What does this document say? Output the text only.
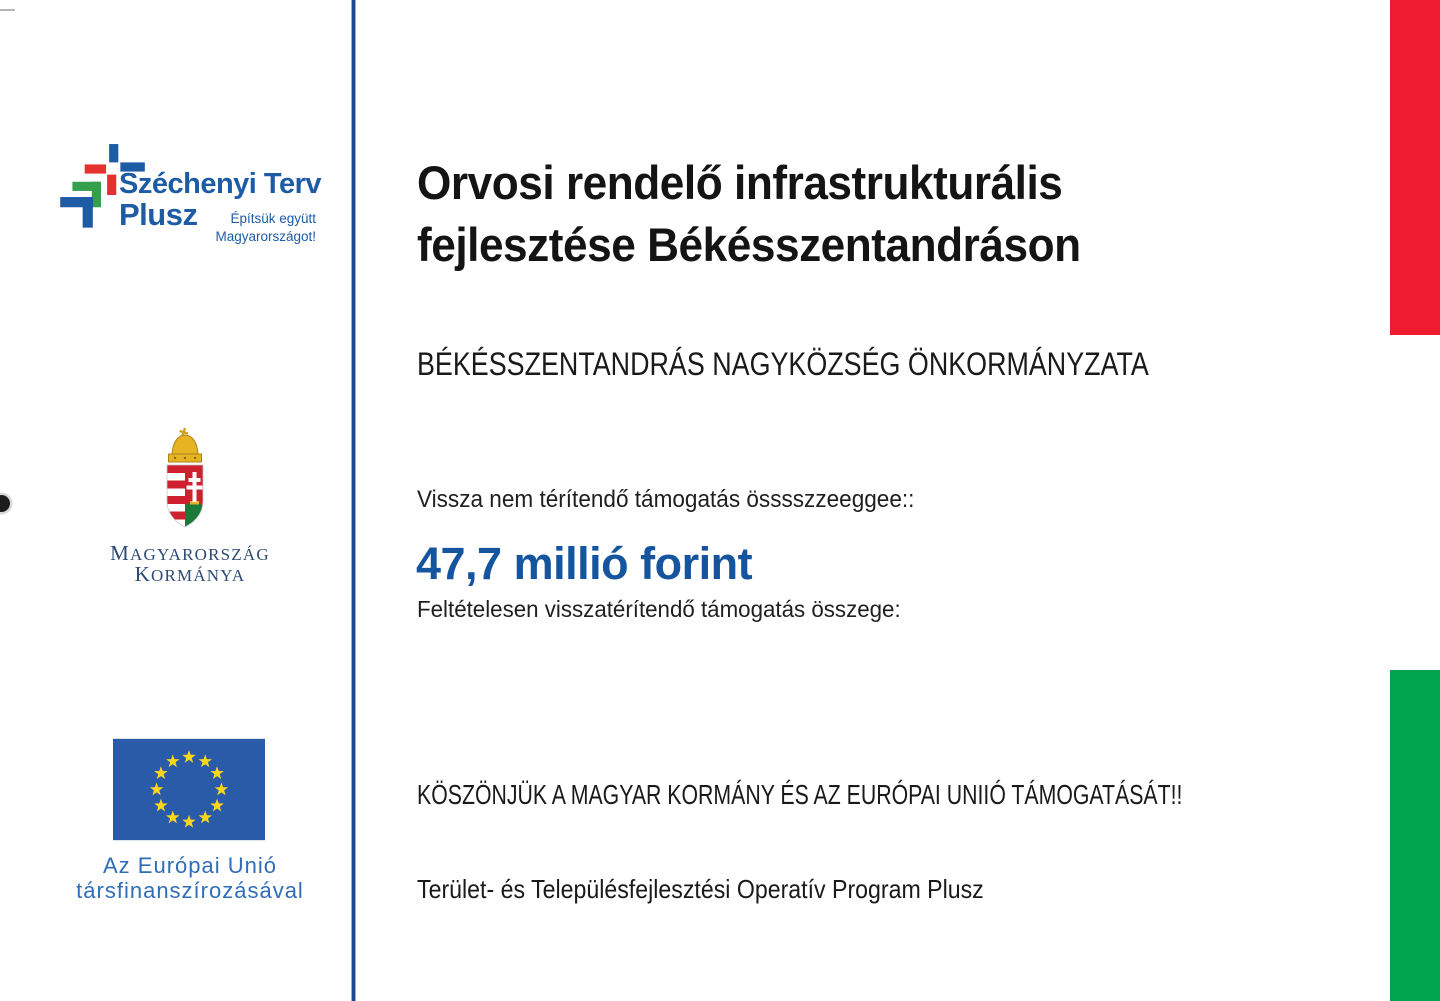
Széchenyi Terv
Plusz	Építsük együtt
Magyarországot!
MAGYARORSZÁG
KORMÁNYA
Az Európai Unió
társfinanszírozásával
Orvosi rendelő infrastrukturális
fejlesztése Békésszentandráson
BÉKÉSSZENTANDRÁS NAGYKÖZSÉG ÖNKORMÁNYZATA
Vissza nem térítendő támogatás össsszzeeggee::
47,7 millió forint
Feltételesen visszatérítendő támogatás összege:
KÖSZÖNJÜK A MAGYAR KORMÁNY ÉS AZ EURÓPAI UNIIÓ TÁMOGATÁSÁT!!
Terület- és Településfejlesztési Operatív Program Plusz
